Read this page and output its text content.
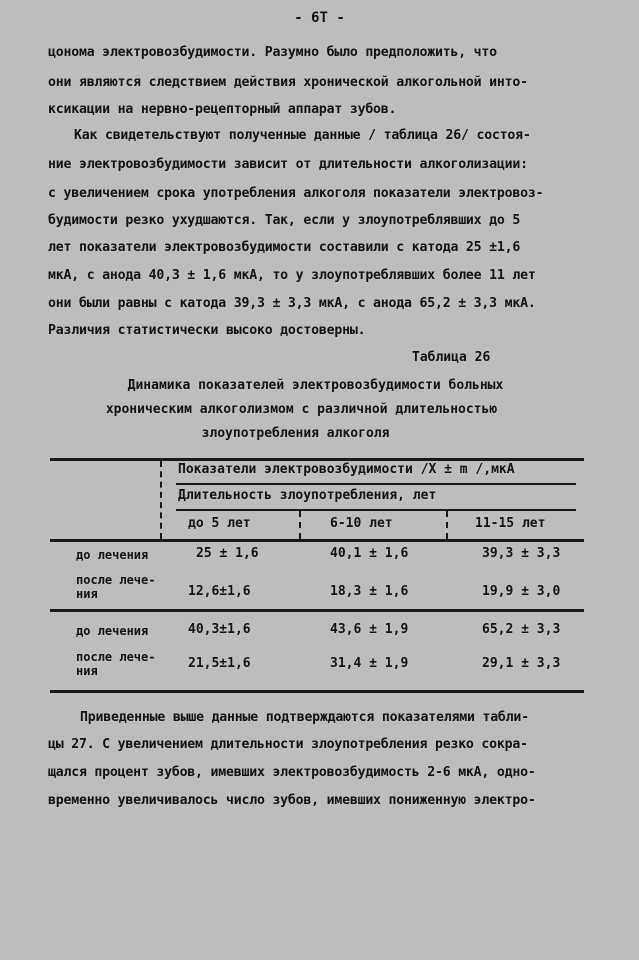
- 6Т -
цонома электровозбудимости. Разумно было предположить, что
они являются следствием действия хронической алкогольной инто-
ксикации на нервно-рецепторный аппарат зубов.
Как свидетельствуют полученные данные / таблица 26/ состоя-
ние электровозбудимости зависит от длительности алкоголизации:
с увеличением срока употребления алкоголя показатели электровоз-
будимости резко ухудшаются. Так, если у злоупотреблявших до 5
лет показатели электровозбудимости составили с катода 25 ±1,6
мкА, с анода 40,3 ± 1,6 мкА, то у злоупотреблявших более 11 лет
они были равны с катода 39,3 ± 3,3 мкА, с анода 65,2 ± 3,3 мкА.
Различия статистически высоко достоверны.
Таблица 26
Динамика показателей электровозбудимости больных
хроническим алкоголизмом с различной длительностью
злоупотребления алкоголя
Показатели электровозбудимости /X ± m /,мкА
Длительность злоупотребления, лет
до 5 лет	6-10 лет	11-15 лет
до лечения	25 ± 1,6	40,1 ± 1,6	39,3 ± 3,3
после лече-
ния	12,6±1,6	18,3 ± 1,6	19,9 ± 3,0
до лечения	40,3±1,6	43,6 ± 1,9	65,2 ± 3,3
после лече-
ния	21,5±1,6	31,4 ± 1,9	29,1 ± 3,3
Приведенные выше данные подтверждаются показателями табли-
цы 27. С увеличением длительности злоупотребления резко сокра-
щался процент зубов, имевших электровозбудимость 2-6 мкА, одно-
временно увеличивалось число зубов, имевших пониженную электро-
